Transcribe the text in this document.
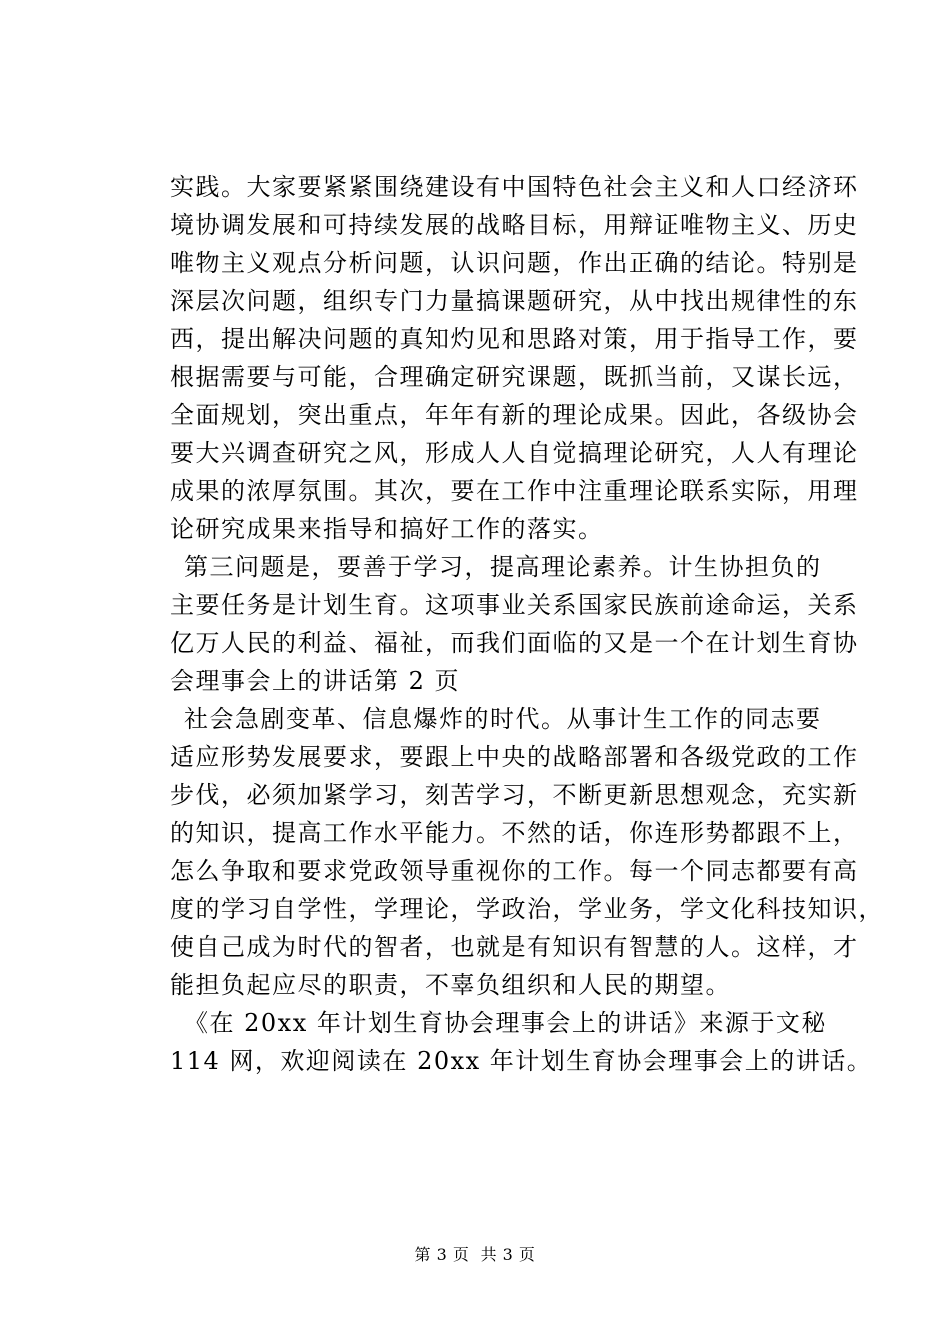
实践。大家要紧紧围绕建设有中国特色社会主义和人口经济环
境协调发展和可持续发展的战略目标，用辩证唯物主义、历史
唯物主义观点分析问题，认识问题，作出正确的结论。特别是
深层次问题，组织专门力量搞课题研究，从中找出规律性的东
西，提出解决问题的真知灼见和思路对策，用于指导工作，要
根据需要与可能，合理确定研究课题，既抓当前，又谋长远，
全面规划，突出重点，年年有新的理论成果。因此，各级协会
要大兴调查研究之风，形成人人自觉搞理论研究，人人有理论
成果的浓厚氛围。其次，要在工作中注重理论联系实际，用理
论研究成果来指导和搞好工作的落实。
第三问题是，要善于学习，提高理论素养。计生协担负的
主要任务是计划生育。这项事业关系国家民族前途命运，关系
亿万人民的利益、福祉，而我们面临的又是一个在计划生育协
会理事会上的讲话第 2 页
社会急剧变革、信息爆炸的时代。从事计生工作的同志要
适应形势发展要求，要跟上中央的战略部署和各级党政的工作
步伐，必须加紧学习，刻苦学习，不断更新思想观念，充实新
的知识，提高工作水平能力。不然的话，你连形势都跟不上，
怎么争取和要求党政领导重视你的工作。每一个同志都要有高
度的学习自学性，学理论，学政治，学业务，学文化科技知识，
使自己成为时代的智者，也就是有知识有智慧的人。这样，才
能担负起应尽的职责，不辜负组织和人民的期望。
《在 20xx 年计划生育协会理事会上的讲话》来源于文秘
114 网，欢迎阅读在 20xx 年计划生育协会理事会上的讲话。
第 3 页  共 3 页
